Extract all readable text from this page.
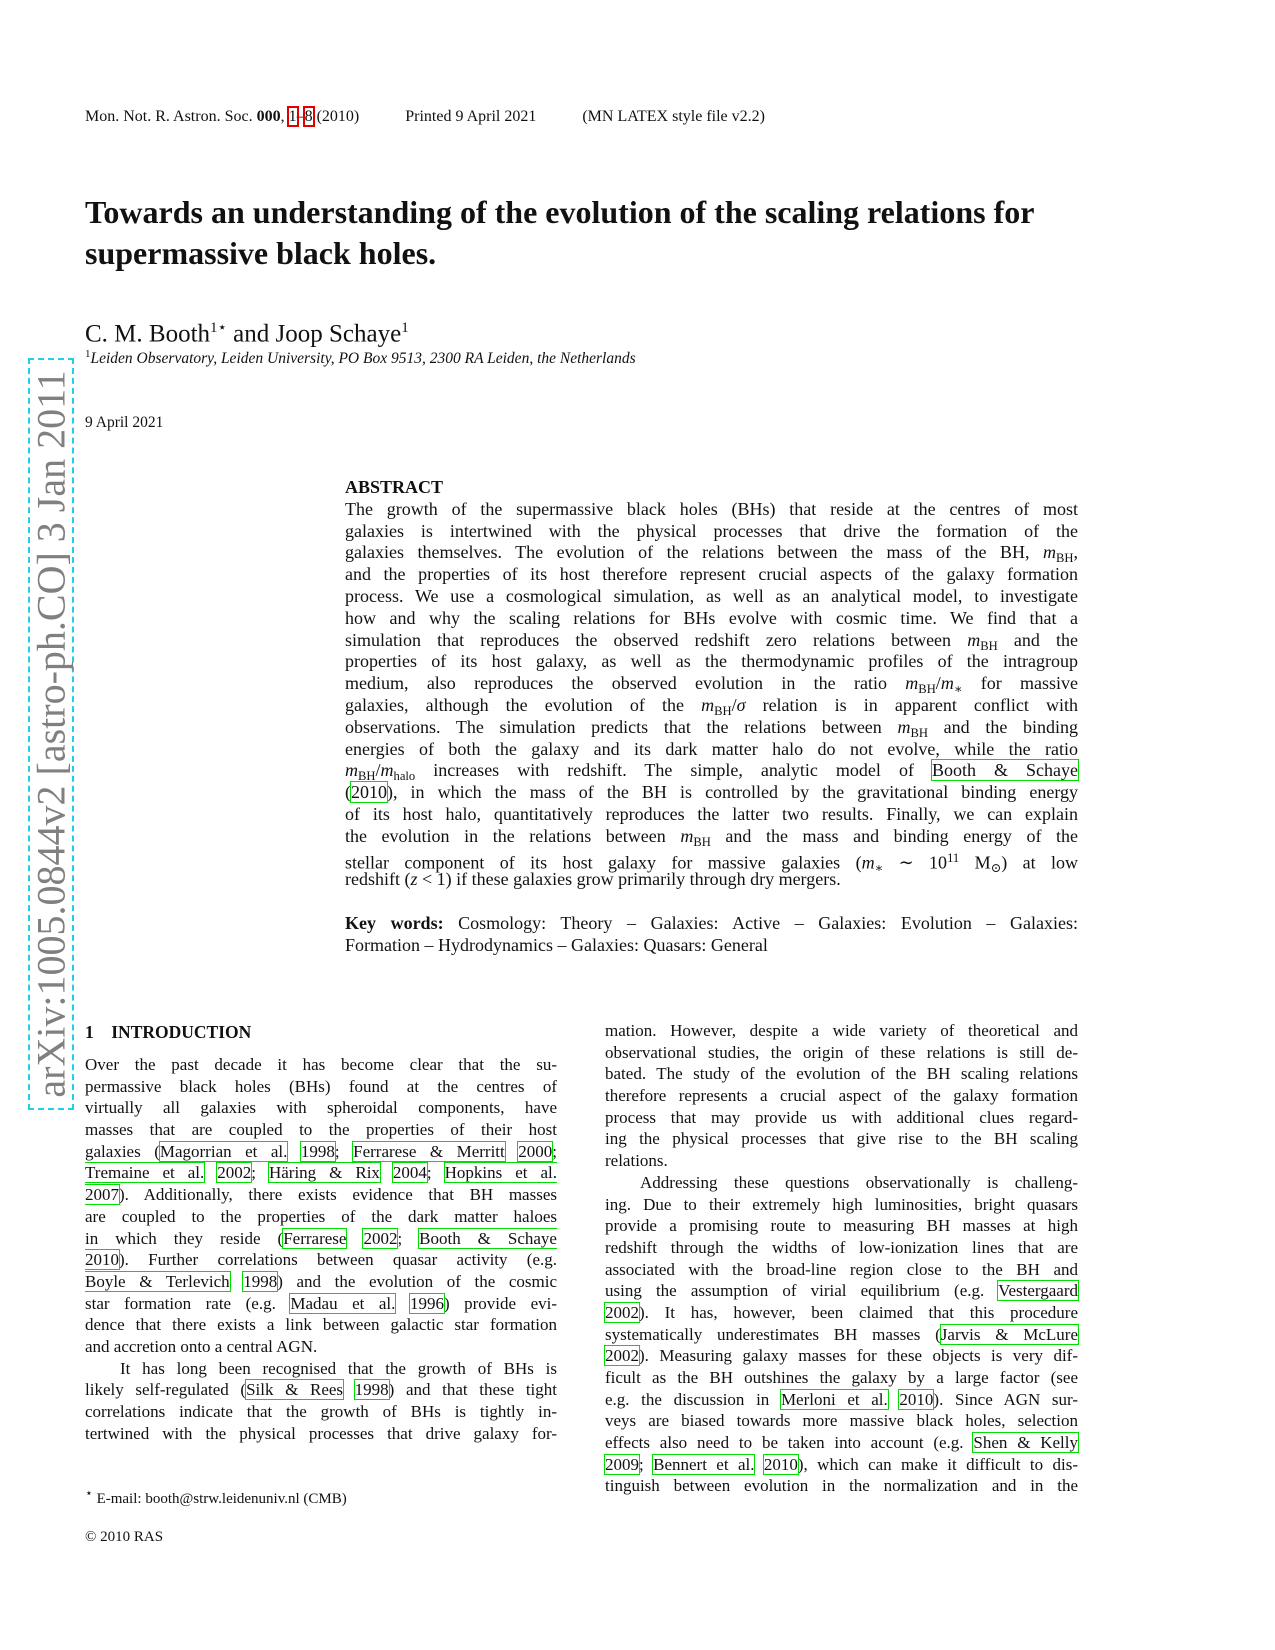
Mon. Not. R. Astron. Soc. 000, 1–8 (2010)	Printed 9 April 2021	(MN LATEX style file v2.2)
Towards an understanding of the evolution of the scaling relations for supermassive black holes.
C. M. Booth$^{1⋆}$ and Joop Schaye$^1$
$^1$Leiden Observatory, Leiden University, PO Box 9513, 2300 RA Leiden, the Netherlands
9 April 2021
arXiv:1005.0844v2 [astro-ph.CO] 3 Jan 2011	ABSTRACT
The growth of the supermassive black holes (BHs) that reside at the centres of most
galaxies is intertwined with the physical processes that drive the formation of the
galaxies themselves. The evolution of the relations between the mass of the BH, $m_{BH}$,
and the properties of its host therefore represent crucial aspects of the galaxy formation
process. We use a cosmological simulation, as well as an analytical model, to investigate
how and why the scaling relations for BHs evolve with cosmic time. We find that a
simulation that reproduces the observed redshift zero relations between $m_{BH}$ and the
properties of its host galaxy, as well as the thermodynamic profiles of the intragroup
medium, also reproduces the observed evolution in the ratio $m_{BH}/m_∗$ for massive
galaxies, although the evolution of the $m_{BH}/\sigma$ relation is in apparent conflict with
observations. The simulation predicts that the relations between $m_{BH}$ and the binding
energies of both the galaxy and its dark matter halo do not evolve, while the ratio
$m_{BH}/m_{halo}$ increases with redshift. The simple, analytic model of Booth & Schaye
(2010), in which the mass of the BH is controlled by the gravitational binding energy
of its host halo, quantitatively reproduces the latter two results. Finally, we can explain
the evolution in the relations between $m_{BH}$ and the mass and binding energy of the
stellar component of its host galaxy for massive galaxies ($m_∗$ ∼ $10^{11}$ $M_⊙$) at low
redshift (z < 1) if these galaxies grow primarily through dry mergers.
Key words: Cosmology: Theory – Galaxies: Active – Galaxies: Evolution – Galaxies:
Formation – Hydrodynamics – Galaxies: Quasars: General
1 INTRODUCTION
Over the past decade it has become clear that the su-
permassive black holes (BHs) found at the centres of
virtually all galaxies with spheroidal components, have
masses that are coupled to the properties of their host
galaxies (Magorrian et al. 1998; Ferrarese & Merritt 2000;
Tremaine et al. 2002; Häring & Rix 2004; Hopkins et al.
2007). Additionally, there exists evidence that BH masses
are coupled to the properties of the dark matter haloes
in which they reside (Ferrarese 2002; Booth & Schaye
2010). Further correlations between quasar activity (e.g.
Boyle & Terlevich 1998) and the evolution of the cosmic
star formation rate (e.g. Madau et al. 1996) provide evi-
dence that there exists a link between galactic star formation
and accretion onto a central AGN.
It has long been recognised that the growth of BHs is
likely self-regulated (Silk & Rees 1998) and that these tight
correlations indicate that the growth of BHs is tightly in-
tertwined with the physical processes that drive galaxy for-
mation. However, despite a wide variety of theoretical and
observational studies, the origin of these relations is still de-
bated. The study of the evolution of the BH scaling relations
therefore represents a crucial aspect of the galaxy formation
process that may provide us with additional clues regard-
ing the physical processes that give rise to the BH scaling
relations.
Addressing these questions observationally is challeng-
ing. Due to their extremely high luminosities, bright quasars
provide a promising route to measuring BH masses at high
redshift through the widths of low-ionization lines that are
associated with the broad-line region close to the BH and
using the assumption of virial equilibrium (e.g. Vestergaard
2002). It has, however, been claimed that this procedure
systematically underestimates BH masses (Jarvis & McLure
2002). Measuring galaxy masses for these objects is very dif-
ficult as the BH outshines the galaxy by a large factor (see
e.g. the discussion in Merloni et al. 2010). Since AGN sur-
veys are biased towards more massive black holes, selection
effects also need to be taken into account (e.g. Shen & Kelly
2009; Bennert et al. 2010), which can make it difficult to dis-
tinguish between evolution in the normalization and in the
⋆ E-mail: booth@strw.leidenuniv.nl (CMB)
© 2010 RAS
